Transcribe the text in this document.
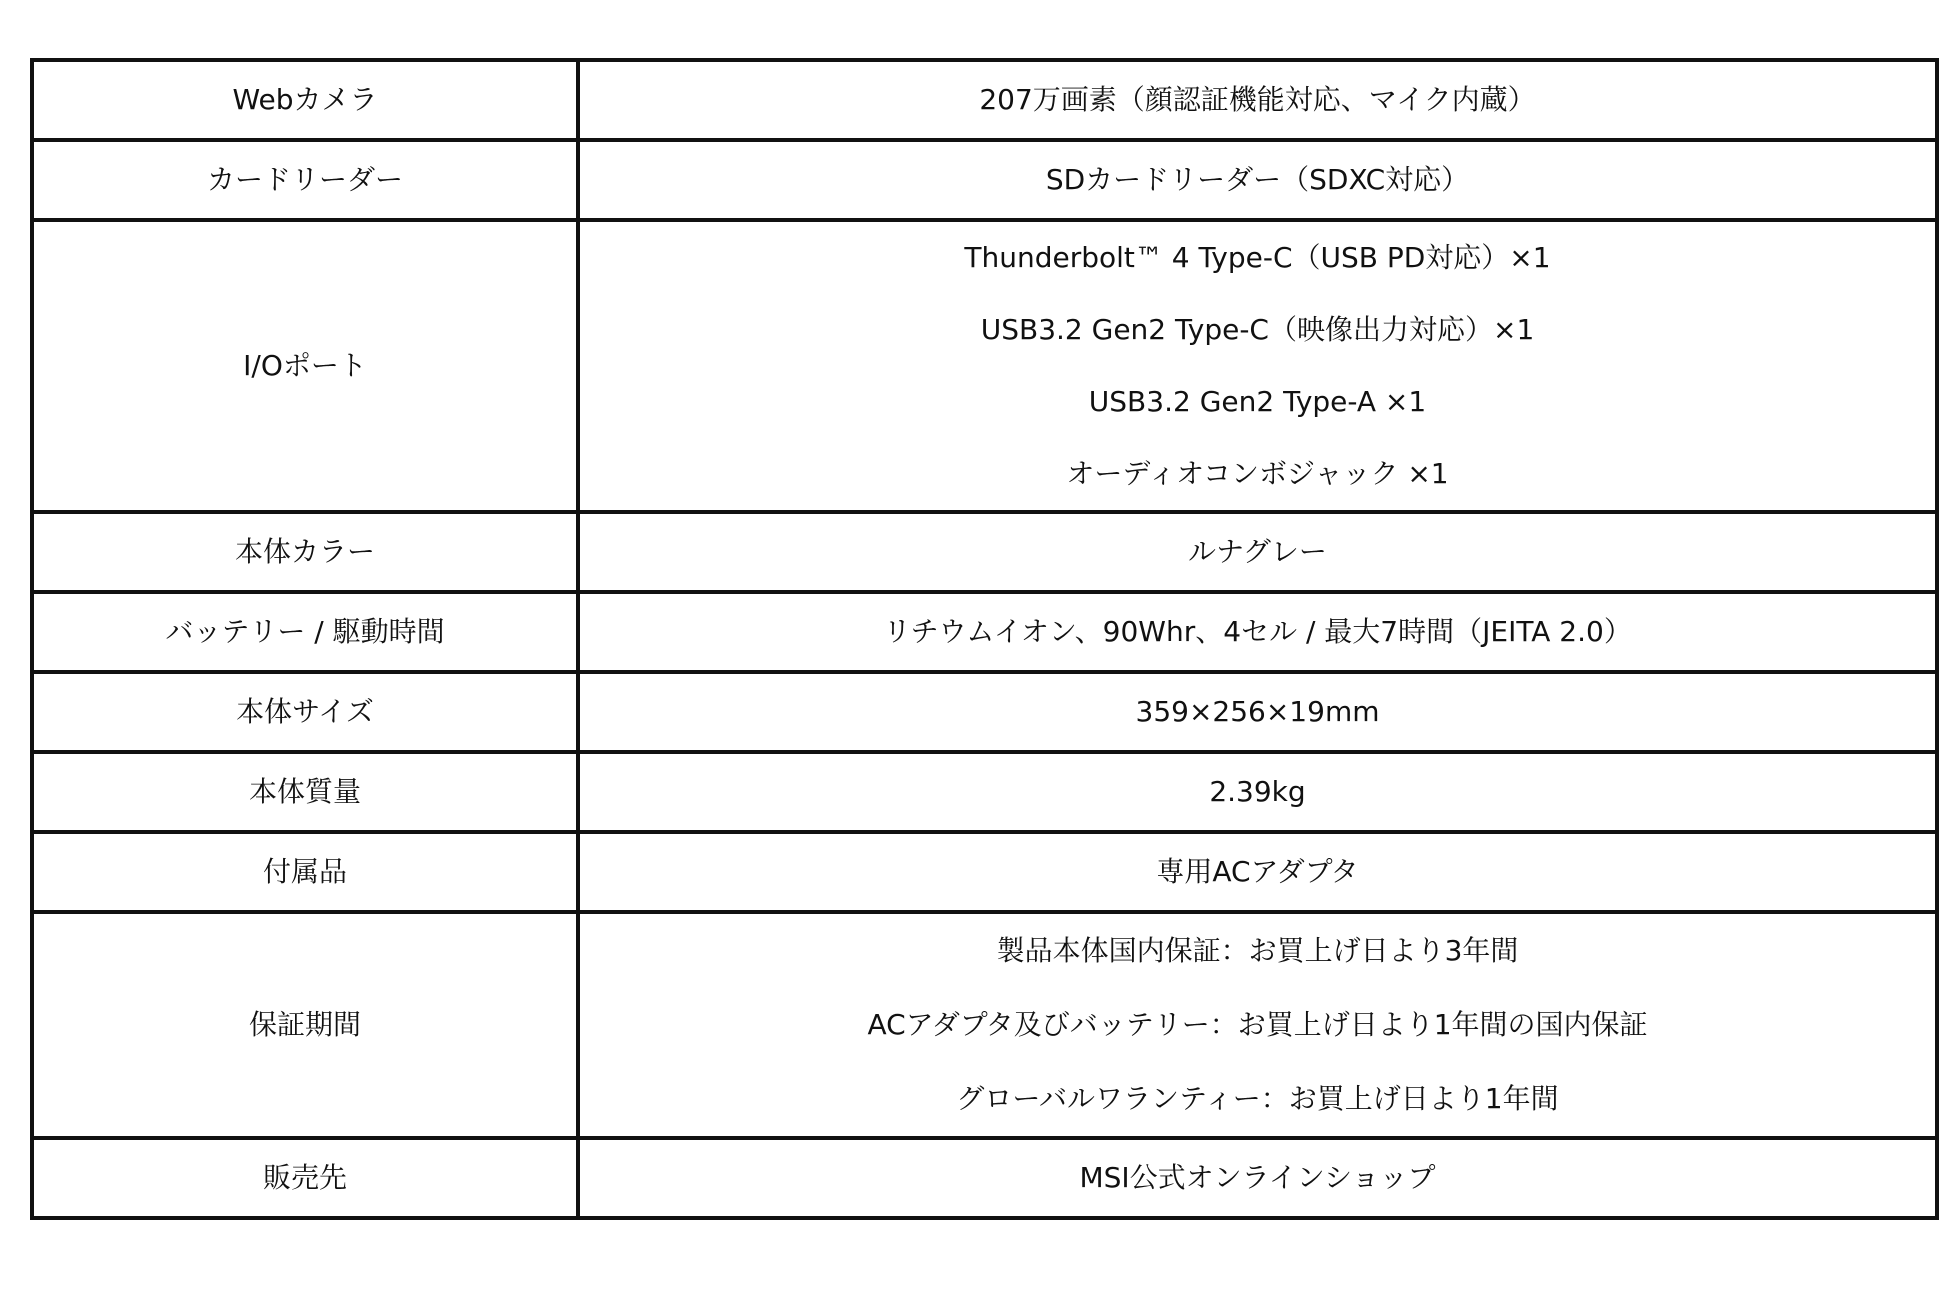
Webカメラ	207万画素（顔認証機能対応、マイク内蔵）
カードリーダー	SDカードリーダー（SDXC対応）
I/Oポート	Thunderbolt™ 4 Type-C（USB PD対応）×1
USB3.2 Gen2 Type-C（映像出力対応）×1
USB3.2 Gen2 Type-A ×1
オーディオコンボジャック ×1

本体カラー	ルナグレー
バッテリー / 駆動時間	リチウムイオン、90Whr、4セル / 最大7時間（JEITA 2.0）
本体サイズ	359×256×19mm
本体質量	2.39kg
付属品	専用ACアダプタ
保証期間	製品本体国内保証：お買上げ日より3年間
ACアダプタ及びバッテリー：お買上げ日より1年間の国内保証
グローバルワランティー：お買上げ日より1年間

販売先	MSI公式オンラインショップ
